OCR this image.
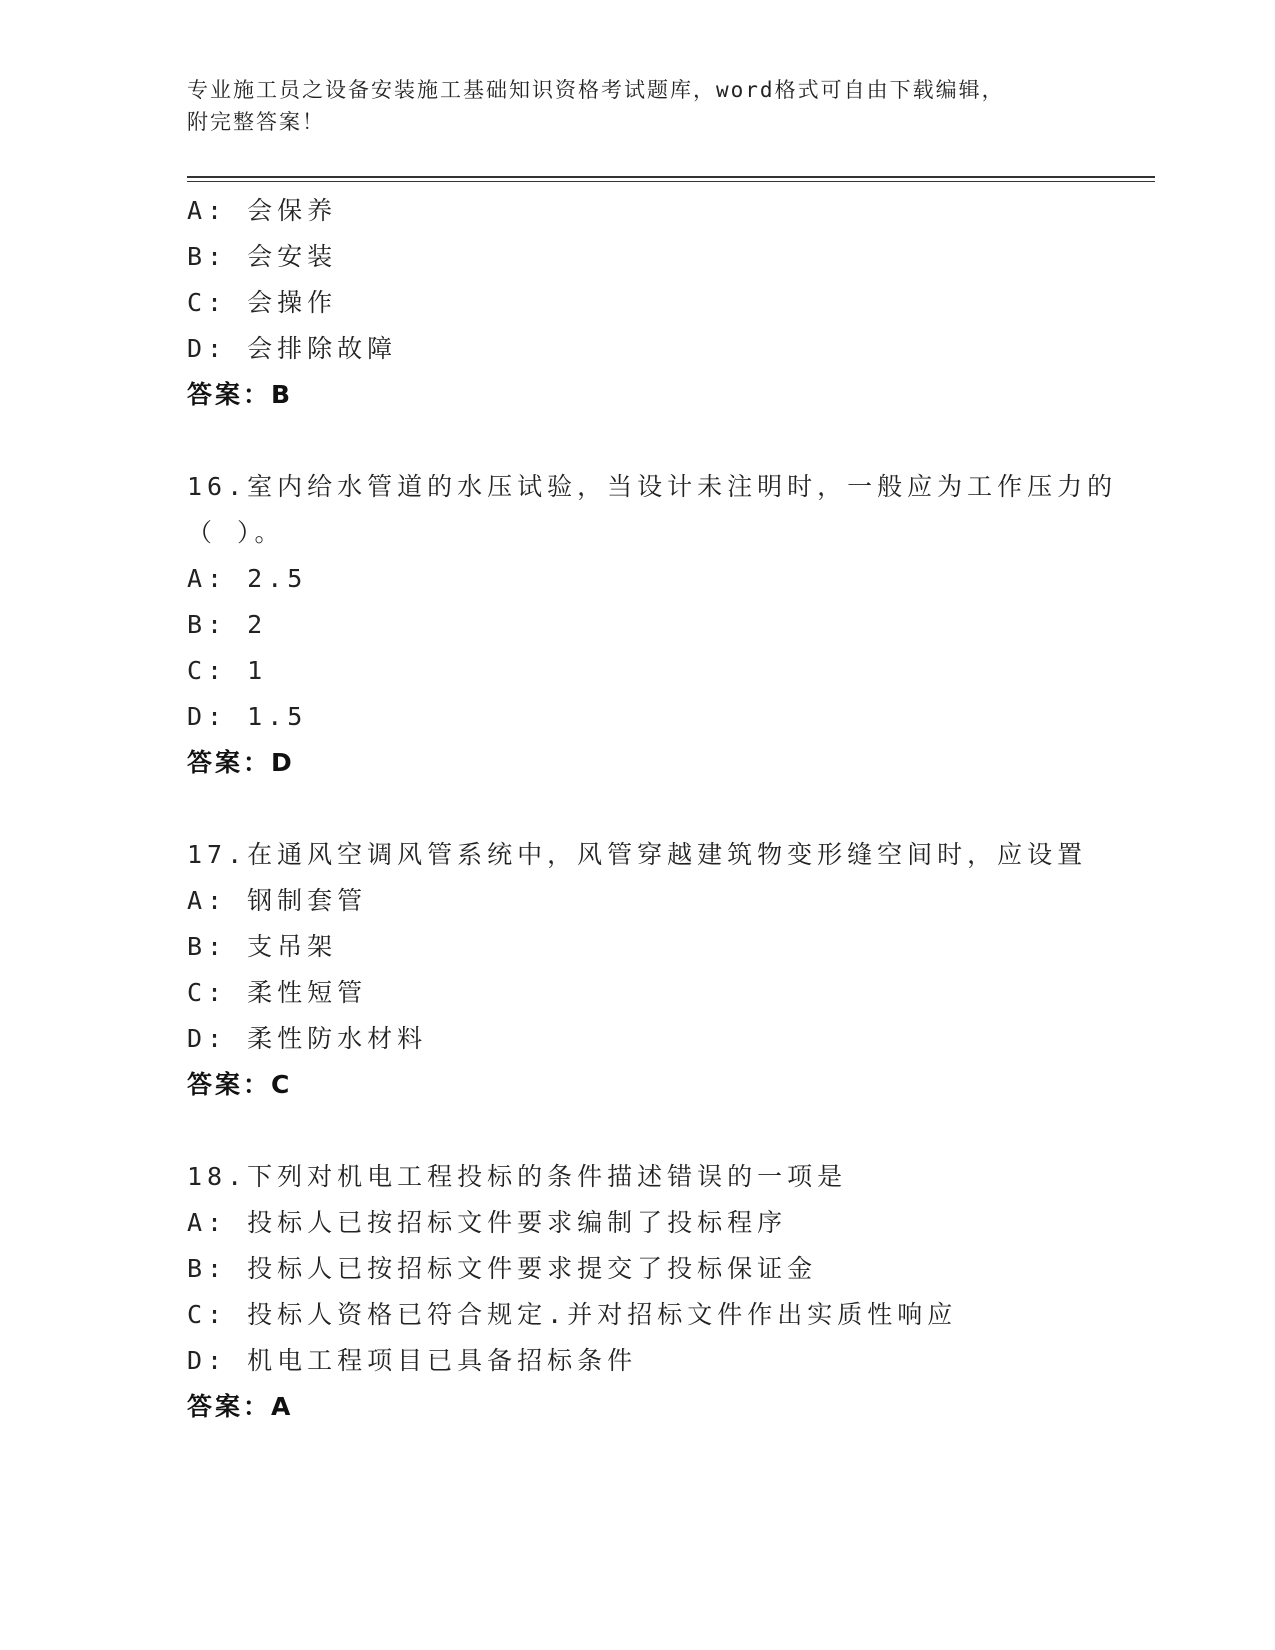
专业施工员之设备安装施工基础知识资格考试题库，word格式可自由下载编辑，
附完整答案！
A: 会保养
B: 会安装
C: 会操作
D: 会排除故障
答案：B
16.室内给水管道的水压试验，当设计未注明时，一般应为工作压力的
（ ）。
A: 2.5
B: 2
C: 1
D: 1.5
答案：D
17.在通风空调风管系统中，风管穿越建筑物变形缝空间时，应设置
A: 钢制套管
B: 支吊架
C: 柔性短管
D: 柔性防水材料
答案：C
18.下列对机电工程投标的条件描述错误的一项是
A: 投标人已按招标文件要求编制了投标程序
B: 投标人已按招标文件要求提交了投标保证金
C: 投标人资格已符合规定.并对招标文件作出实质性响应
D: 机电工程项目已具备招标条件
答案：A
